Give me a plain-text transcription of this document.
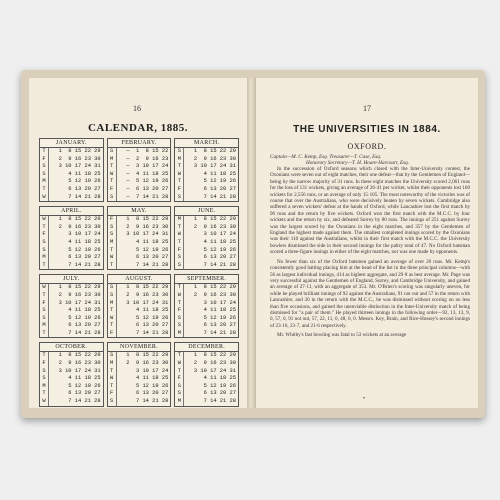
16
CALENDAR, 1885.
JANUARY.
T	1  8 15 22 29
F	2  9 16 23 30
S	3 10 17 24 31
S	4 11 18 25
M	5 12 19 26
T	6 13 20 27
W	7 14 21 28
FEBRUARY.
S	—  1  8 15 22
M	—  2  9 16 23
T	—  3 10 17 24
W	—  4 11 18 25
T	—  5 12 19 26
F	—  6 13 20 27
S	—  7 14 21 28
MARCH.
S	1  8 15 22 29
M	2  9 16 23 30
T	3 10 17 24 31
W	4 11 18 25
T	5 12 19 26
F	6 13 20 27
S	7 14 21 28
APRIL.
W	1  8 15 22 29
T	2  9 16 23 30
F	3 10 17 24
S	4 11 18 25
S	5 12 19 26
M	6 13 20 27
T	7 14 21 28
MAY.
F	1  8 15 22 29
S	2  9 16 23 30
S	3 10 17 24 31
M	4 11 18 25
T	5 12 19 26
W	6 13 20 27
T	7 14 21 28
JUNE.
M	1  8 15 22 29
T	2  9 16 23 30
W	3 10 17 24
T	4 11 18 25
F	5 12 19 26
S	6 13 20 27
S	7 14 21 28
JULY.
W	1  8 15 22 29
T	2  9 16 23 30
F	3 10 17 24 31
S	4 11 18 25
S	5 12 19 26
M	6 13 20 27
T	7 14 21 28
AUGUST.
S	1  8 15 22 29
S	2  9 16 23 30
M	3 10 17 24 31
T	4 11 18 25
W	5 12 19 26
T	6 13 20 27
F	7 14 21 28
SEPTEMBER.
T	1  8 15 22 29
W	2  9 16 23 30
T	3 10 17 24
F	4 11 18 25
S	5 12 19 26
S	6 13 20 27
M	7 14 21 28
OCTOBER.
T	1  8 15 22 29
F	2  9 16 23 30
S	3 10 17 24 31
S	4 11 18 25
M	5 12 19 26
T	6 13 20 27
W	7 14 21 28
NOVEMBER.
S	1  8 15 22 29
M	2  9 16 23 30
T	3 10 17 24
W	4 11 18 25
T	5 12 19 26
F	6 13 20 27
S	7 14 21 28
DECEMBER.
T	1  8 15 22 29
W	2  9 16 23 30
T	3 10 17 24 31
F	4 11 18 25
S	5 12 19 26
S	6 13 20 27
M	7 14 21 28
17
THE UNIVERSITIES IN 1884.
OXFORD.
Captain—M. C. Kemp, Esq. Treasurer—T. Case, Esq.
Honorary Secretary—T. H. Hoare-Harcourt, Esq.

In the succession of Oxford seasons which closed with the Inter-University contest, the Oxonians were seven out of eight matches, their one defeat—that by the Gentlemen of England—being by the narrow majority of 31 runs. In these eight matches the University scored 2,061 runs for the loss of 131 wickets, giving an average of 26·41 per wicket, whilst their opponents lost 160 wickets for 2,556 runs, or an average of only 15·105. The most noteworthy of the victories was of course that over the Australians, who were decisively beaten by seven wickets. Cambridge also suffered a seven wickets' defeat at the hands of Oxford, while Lancashire lost the first match by 96 runs and the return by five wickets. Oxford won the first match with the M.C.C. by four wickets and the return by six, and defeated Surrey by 80 runs. The innings of 251 against Surrey was the largest scored by the Oxonians in the eight matches, and 357 by the Gentlemen of England the highest made against them. The smallest completed innings scored by the Oxonians was their 110 against the Australians, whilst in their first match with the M.C.C. the University bowlers dismissed the side in their second innings for the paltry total of 47. No Oxford batsman scored a three-figure innings in either of the eight matches, nor was one made by opponents.

No fewer than six of the Oxford batsmen gained an average of over 20 runs. Mr. Kemp's consistently good batting placing him at the head of the list in the three principal columns—with 56 as largest individual innings, 414 as highest aggregate, and 29·8 as best average. Mr. Page was very successful against the Gentlemen of England, Surrey, and Cambridge University, and gained an average of 27·11, with an aggregate of 353. Mr. O'Brien's scoring was singularly uneven, for while he played brilliant innings of 92 against the Australians, 91 not out and 57 in the return with Lancashire, and 30 in the return with the M.C.C., he was dismissed without scoring on no less than five occasions, and gained the unenviable distinction in the Inter-University match of being dismissed for "a pair of them." He played thirteen innings in the following order—92, 13, 13, 9, 0, 57, 0, 91 not out, 57, 22, 11, 0, 48, 0, 0. Messrs. Key, Brain, and Rice-Hussey's second innings of 23·16, 23·7, and 21·6 respectively.

Mr. Whitby's fast bowling was fatal to 53 wickets at an average

•
